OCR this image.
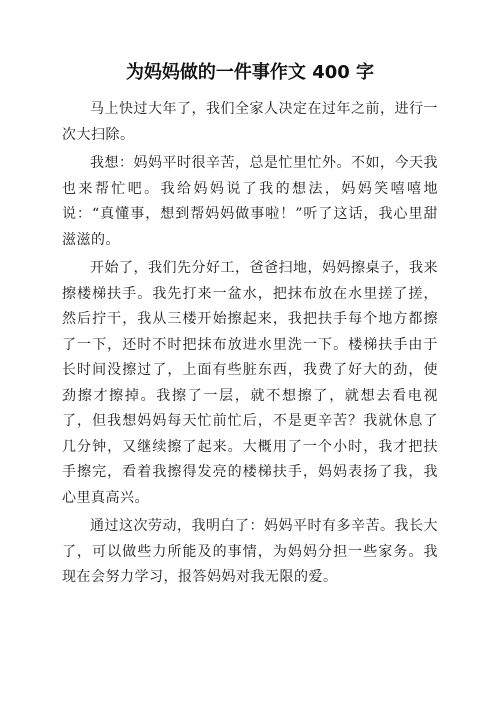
为妈妈做的一件事作文 400 字

马上快过大年了，我们全家人决定在过年之前，进行一次大扫除。

我想：妈妈平时很辛苦，总是忙里忙外。不如，今天我也来帮忙吧。我给妈妈说了我的想法，妈妈笑嘻嘻地说：“真懂事，想到帮妈妈做事啦！”听了这话，我心里甜滋滋的。

开始了，我们先分好工，爸爸扫地，妈妈擦桌子，我来擦楼梯扶手。我先打来一盆水，把抹布放在水里搓了搓，然后拧干，我从三楼开始擦起来，我把扶手每个地方都擦了一下，还时不时把抹布放进水里洗一下。楼梯扶手由于长时间没擦过了，上面有些脏东西，我费了好大的劲，使劲擦才擦掉。我擦了一层，就不想擦了，就想去看电视了，但我想妈妈每天忙前忙后，不是更辛苦？我就休息了几分钟，又继续擦了起来。大概用了一个小时，我才把扶手擦完，看着我擦得发亮的楼梯扶手，妈妈表扬了我，我心里真高兴。

通过这次劳动，我明白了：妈妈平时有多辛苦。我长大了，可以做些力所能及的事情，为妈妈分担一些家务。我现在会努力学习，报答妈妈对我无限的爱。
